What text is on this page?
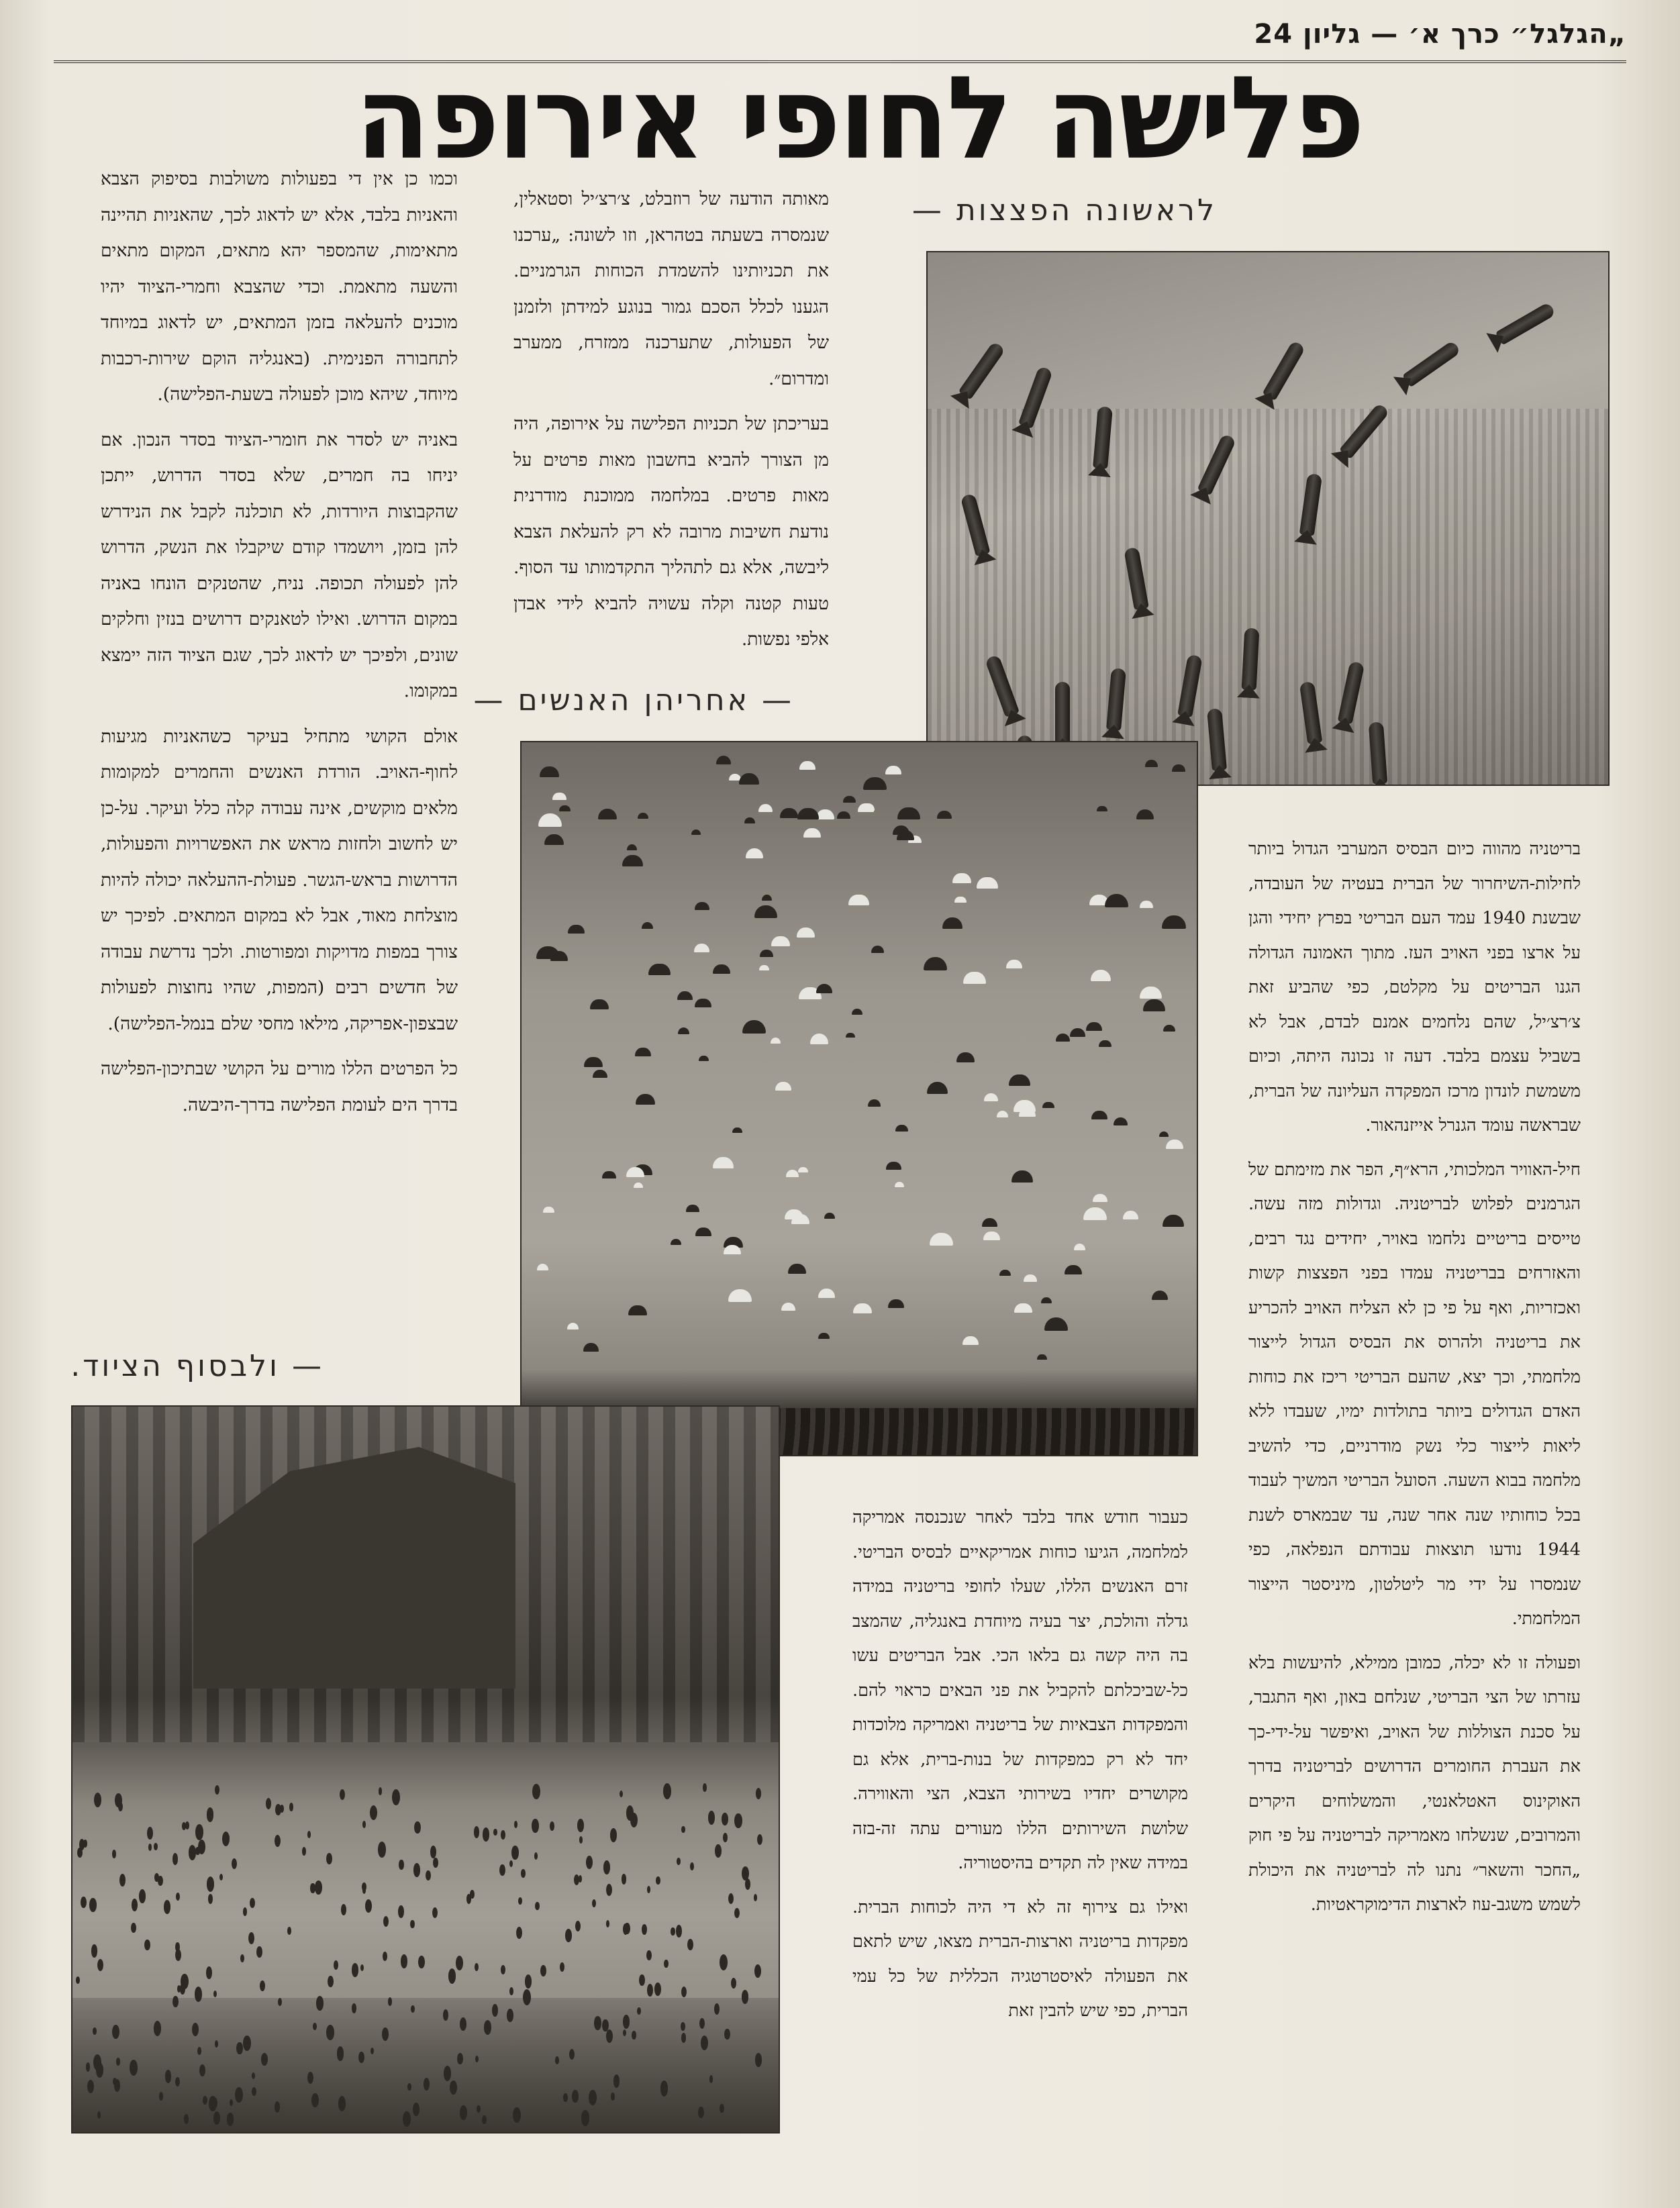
„הגלגל״ כרך א׳ — גליון 24
פלישה לחופי אירופה
לראשונה הפצצות —
— אחריהן האנשים —
— ולבסוף הציוד.

מאותה הודעה של רוזבלט, צ׳רצ׳יל וסטאלין, שנמסרה בשעתה בטהראן, וזו לשונה: „ערכנו את תכניותינו להשמדת הכוחות הגרמניים. הגענו לכלל הסכם גמור בנוגע למידתן ולזמנן של הפעולות, שתערכנה ממזרח, ממערב ומדרום״.

בעריכתן של תכניות הפלישה על אירופה, היה מן הצורך להביא בחשבון מאות פרטים על מאות פרטים. במלחמה ממוכנת מודרנית נודעת חשיבות מרובה לא רק להעלאת הצבא ליבשה, אלא גם לתהליך התקדמותו עד הסוף. טעות קטנה וקלה עשויה להביא לידי אבדן אלפי נפשות.

וכמו כן אין די בפעולות משולבות בסיפוק הצבא והאניות בלבד, אלא יש לדאוג לכך, שהאניות תהיינה מתאימות, שהמספר יהא מתאים, המקום מתאים והשעה מתאמת. וכדי שהצבא וחמרי-הציוד יהיו מוכנים להעלאה בזמן המתאים, יש לדאוג במיוחד לתחבורה הפנימית. (באנגליה הוקם שירות-רכבות מיוחד, שיהא מוכן לפעולה בשעת-הפלישה).

באניה יש לסדר את חומרי-הציוד בסדר הנכון. אם יניחו בה חמרים, שלא בסדר הדרוש, ייתכן שהקבוצות היורדות, לא תוכלנה לקבל את הנידרש להן בזמן, ויושמדו קודם שיקבלו את הנשק, הדרוש להן לפעולה תכופה. נניח, שהטנקים הונחו באניה במקום הדרוש. ואילו לטאנקים דרושים בנזין וחלקים שונים, ולפיכך יש לדאוג לכך, שגם הציוד הזה יימצא במקומו.

אולם הקושי מתחיל בעיקר כשהאניות מגיעות לחוף-האויב. הורדת האנשים והחמרים למקומות מלאים מוקשים, אינה עבודה קלה כלל ועיקר. על-כן יש לחשוב ולחזות מראש את האפשרויות והפעולות, הדרושות בראש-הגשר. פעולת-ההעלאה יכולה להיות מוצלחת מאוד, אבל לא במקום המתאים. לפיכך יש צורך במפות מדויקות ומפורטות. ולכך נדרשת עבודה של חדשים רבים (המפות, שהיו נחוצות לפעולות שבצפון-אפריקה, מילאו מחסי שלם בנמל-הפלישה).

כל הפרטים הללו מורים על הקושי שבתיכון-הפלישה בדרך הים לעומת הפלישה בדרך-היבשה.

בריטניה מהווה כיום הבסיס המערבי הגדול ביותר לחילות-השיחרור של הברית בעטיה של העובדה, שבשנת 1940 עמד העם הבריטי בפרץ יחידי והגן על ארצו בפני האויב העז. מתוך האמונה הגדולה הגנו הבריטים על מקלטם, כפי שהביע זאת צ׳רצ׳יל, שהם נלחמים אמנם לבדם, אבל לא בשביל עצמם בלבד. דעה זו נכונה היתה, וכיום משמשת לונדון מרכז המפקדה העליונה של הברית, שבראשה עומד הגנרל אייזנהאור.

חיל-האוויר המלכותי, הרא״ף, הפר את מזימתם של הגרמנים לפלוש לבריטניה. וגדולות מזה עשה. טייסים בריטיים נלחמו באויר, יחידים נגד רבים, והאזרחים בבריטניה עמדו בפני הפצצות קשות ואכזריות, ואף על פי כן לא הצליח האויב להכריע את בריטניה ולהרוס את הבסיס הגדול לייצור מלחמתי, וכך יצא, שהעם הבריטי ריכז את כוחות האדם הגדולים ביותר בתולדות ימיו, שעבדו ללא ליאות לייצור כלי נשק מודרניים, כדי להשיב מלחמה בבוא השעה. הסועל הבריטי המשיך לעבוד בכל כוחותיו שנה אחר שנה, עד שבמארס לשנת 1944 נודעו תוצאות עבודתם הנפלאה, כפי שנמסרו על ידי מר ליטלטון, מיניסטר הייצור המלחמתי.

ופעולה זו לא יכלה, כמובן ממילא, להיעשות בלא עזרתו של הצי הבריטי, שנלחם באון, ואף התגבר, על סכנת הצוללות של האויב, ואיפשר על-ידי-כך את העברת החומרים הדרושים לבריטניה בדרך האוקינוס האטלאנטי, והמשלוחים היקרים והמרובים, שנשלחו מאמריקה לבריטניה על פי חוק „החכר והשאר״ נתנו לה לבריטניה את היכולת לשמש משגב-עוז לארצות הדימוקראטיות.

כעבור חודש אחד בלבד לאחר שנכנסה אמריקה למלחמה, הגיעו כוחות אמריקאיים לבסיס הבריטי. זרם האנשים הללו, שעלו לחופי בריטניה במידה גדלה והולכת, יצר בעיה מיוחדת באנגליה, שהמצב בה היה קשה גם בלאו הכי. אבל הבריטים עשו כל-שביכלתם להקביל את פני הבאים כראוי להם. והמפקדות הצבאיות של בריטניה ואמריקה מלוכדות יחד לא רק כמפקדות של בנות-ברית, אלא גם מקושרים יחדיו בשירותי הצבא, הצי והאווירה. שלושת השירותים הללו מעורים עתה זה-בזה במידה שאין לה תקדים בהיסטוריה.

ואילו גם צירוף זה לא די היה לכוחות הברית. מפקדות בריטניה וארצות-הברית מצאו, שיש לתאם את הפעולה לאיסטרטגיה הכללית של כל עמי הברית, כפי שיש להבין זאת
